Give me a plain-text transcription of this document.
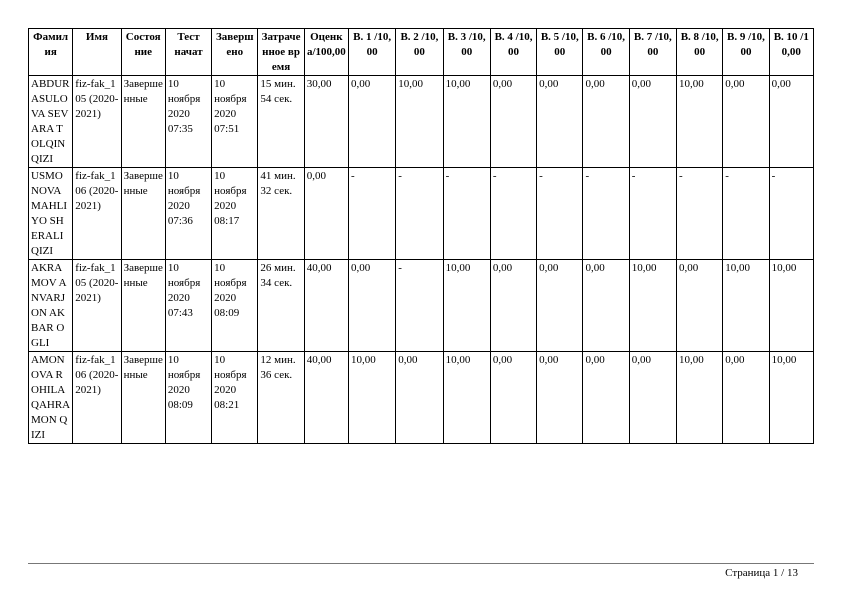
Фамилия	Имя	Состояние	Тест начат	Завершено	Затраченное время	Оценка/100,00	В. 1 /10,00	В. 2 /10,00	В. 3 /10,00	В. 4 /10,00	В. 5 /10,00	В. 6 /10,00	В. 7 /10,00	В. 8 /10,00	В. 9 /10,00	В. 10 /10,00
ABDURASULOVA SEVARA TOLQIN QIZI	fiz-fak_105 (2020-2021)	Завершенные	10 ноября 2020 07:35	10 ноября 2020 07:51	15 мин. 54 сек.	30,00	0,00	10,00	10,00	0,00	0,00	0,00	0,00	10,00	0,00	0,00
USMONOVA MAHLIYO SHERALI QIZI	fiz-fak_106 (2020-2021)	Завершенные	10 ноября 2020 07:36	10 ноября 2020 08:17	41 мин. 32 сек.	0,00	-	-	-	-	-	-	-	-	-	-
AKRAMOV ANVARJON AKBAR OGLI	fiz-fak_105 (2020-2021)	Завершенные	10 ноября 2020 07:43	10 ноября 2020 08:09	26 мин. 34 сек.	40,00	0,00	-	10,00	0,00	0,00	0,00	10,00	0,00	10,00	10,00
AMONOVA ROHILA QAHRAMON QIZI	fiz-fak_106 (2020-2021)	Завершенные	10 ноября 2020 08:09	10 ноября 2020 08:21	12 мин. 36 сек.	40,00	10,00	0,00	10,00	0,00	0,00	0,00	0,00	10,00	0,00	10,00
Страница 1 / 13
